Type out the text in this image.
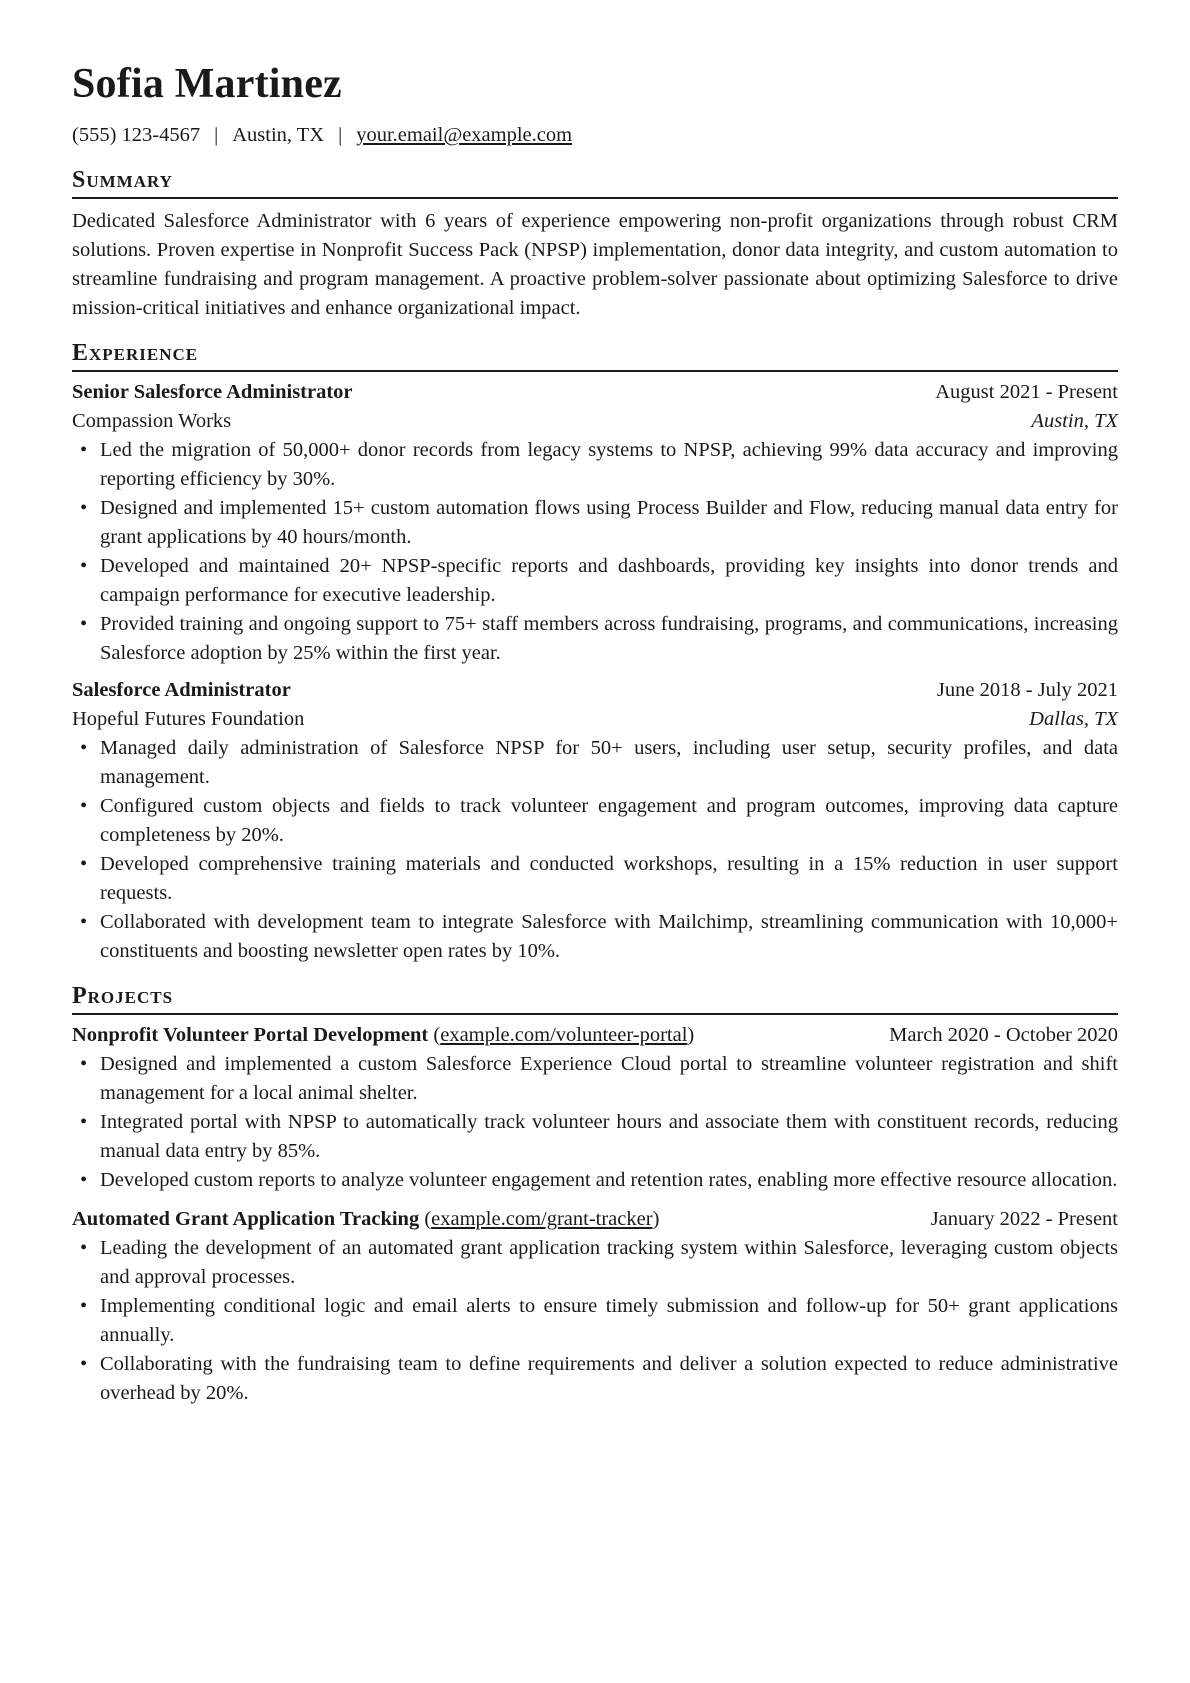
Sofia Martinez
(555) 123-4567 | Austin, TX | your.email@example.com
Summary
Dedicated Salesforce Administrator with 6 years of experience empowering non-profit organizations through robust CRM solutions. Proven expertise in Nonprofit Success Pack (NPSP) implementation, donor data integrity, and custom automation to streamline fundraising and program management. A proactive problem-solver passionate about optimizing Salesforce to drive mission-critical initiatives and enhance organizational impact.
Experience
Senior Salesforce Administrator	August 2021 - Present
Compassion Works	Austin, TX
• Led the migration of 50,000+ donor records from legacy systems to NPSP, achieving 99% data accuracy and improving reporting efficiency by 30%.
• Designed and implemented 15+ custom automation flows using Process Builder and Flow, reducing manual data entry for grant applications by 40 hours/month.
• Developed and maintained 20+ NPSP-specific reports and dashboards, providing key insights into donor trends and campaign performance for executive leadership.
• Provided training and ongoing support to 75+ staff members across fundraising, programs, and communications, increasing Salesforce adoption by 25% within the first year.
Salesforce Administrator	June 2018 - July 2021
Hopeful Futures Foundation	Dallas, TX
• Managed daily administration of Salesforce NPSP for 50+ users, including user setup, security profiles, and data management.
• Configured custom objects and fields to track volunteer engagement and program outcomes, improving data capture completeness by 20%.
• Developed comprehensive training materials and conducted workshops, resulting in a 15% reduction in user support requests.
• Collaborated with development team to integrate Salesforce with Mailchimp, streamlining communication with 10,000+ constituents and boosting newsletter open rates by 10%.
Projects
Nonprofit Volunteer Portal Development (example.com/volunteer-portal)	March 2020 - October 2020
• Designed and implemented a custom Salesforce Experience Cloud portal to streamline volunteer registration and shift management for a local animal shelter.
• Integrated portal with NPSP to automatically track volunteer hours and associate them with constituent records, reducing manual data entry by 85%.
• Developed custom reports to analyze volunteer engagement and retention rates, enabling more effective resource allocation.
Automated Grant Application Tracking (example.com/grant-tracker)	January 2022 - Present
• Leading the development of an automated grant application tracking system within Salesforce, leveraging custom objects and approval processes.
• Implementing conditional logic and email alerts to ensure timely submission and follow-up for 50+ grant applications annually.
• Collaborating with the fundraising team to define requirements and deliver a solution expected to reduce administrative overhead by 20%.
